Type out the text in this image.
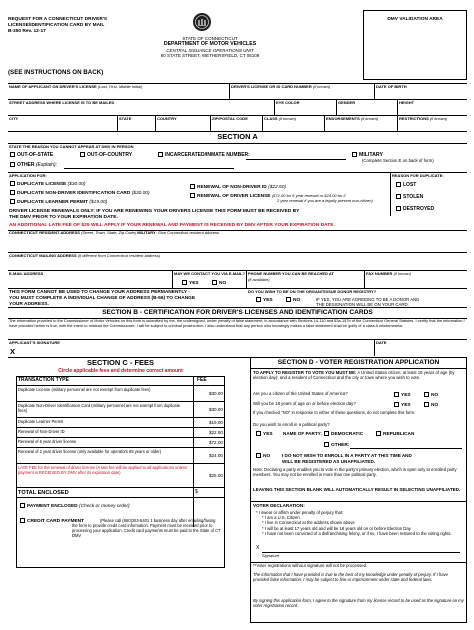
REQUEST FOR A CONNECTICUT DRIVER'S
LICENSE/IDENTIFICATION CARD BY MAIL
B-350 Rev. 12-17
STATE OF CONNECTICUT
DEPARTMENT OF MOTOR VEHICLES
CENTRAL ISSUANCE OPERATIONS UNIT
60 STATE STREET, WETHERSFIELD, CT 06109
DMV VALIDATION AREA
(SEE INSTRUCTIONS ON BACK)
NAME OF APPLICANT ON DRIVER'S LICENSE (Last, First, Middle Initial)	DRIVER'S LICENSE OR ID CARD NUMBER (if known)	DATE OF BIRTH
STREET ADDRESS WHERE LICENSE IS TO BE MAILED	EYE COLOR	GENDER	HEIGHT
CITY	STATE	COUNTRY	ZIP/POSTAL CODE	CLASS (if known)	ENDORSEMENTS (if known)	RESTRICTIONS (if known)
SECTION A
STATE THE REASON YOU CANNOT APPEAR AT DMV IN PERSON
OUT-OF-STATE	OUT-OF-COUNTRY	INCARCERATED/INMATE NUMBER:	MILITARY
(Complete Section E on back of form)
OTHER (Explain):
APPLICATION FOR:
DUPLICATE LICENSE ($30.00)
DUPLICATE NON-DRIVER IDENTIFICATION CARD ($30.00)
DUPLICATE LEARNER PERMIT ($19.00)
RENEWAL OF NON-DRIVER ID ($22.50)
RENEWAL OF DRIVER LICENSE ($72.00 for 6 year renewal or $24.00 for 2
2 year renewal if you are a legally present non-citizen)
REASON FOR DUPLICATE:
LOST
STOLEN
DESTROYED
DRIVER LICENSE RENEWALS ONLY: IF YOU ARE RENEWING YOUR DRIVERS LICENSE THIS FORM MUST BE RECEIVED BY
THE DMV PRIOR TO YOUR EXPIRATION DATE.
AN ADDITIONAL LATE FEE OF $25 WILL APPLY IF YOUR RENEWAL AND PAYMENT IS RECEIVED BY DMV AFTER YOUR EXPIRATION DATE.
CONNECTICUT RESIDENT ADDRESS (Street, Town, State, Zip Code) MILITARY: Give Connecticut resident address
CONNECTICUT MAILING ADDRESS (if different from Connecticut resident address)
E-MAIL ADDRESS	MAY WE CONTACT YOU VIA E-MAIL?
YES	NO
PHONE NUMBER YOU CAN BE REACHED AT
(if available)
FAX NUMBER (if known)
THIS FORM CANNOT BE USED TO CHANGE YOUR ADDRESS PERMANENTLY -
YOU MUST COMPLETE A INDIVIDUAL CHANGE OF ADDRESS (B-56) TO CHANGE
YOUR ADDRESS.
DO YOU WISH TO BE ON THE ORGAN/TISSUE DONOR REGISTRY?
YES	NO	IF YES, YOU ARE AGREEING TO BE A DONOR AND
THE DESIGNATION WILL BE ON YOUR CARD.
SECTION B - CERTIFICATION FOR DRIVER'S LICENSES AND IDENTIFICATION CARDS
The information provided to the Commissioner of Motor Vehicles on this form is submitted by me, the undersigned, under penalty of false statement, in accordance with Sections 14-110 and 53a-157b of the Connecticut General Statutes. I certify that the information I have provided herein is true, with the intent to mislead the Commissioner; I will be subject to criminal prosecution. I also understand that any person who knowingly makes a false statement shall be guilty of a class A misdemeanor.
APPLICANT'S SIGNATURE
X
DATE
SECTION C - FEES
Circle applicable fees and determine correct amount
TRANSACTION TYPE	FEE
Duplicate License (military personnel are not exempt from duplicate fees)
$30.00
Duplicate Non-Driver Identification Card (military personnel are not exempt from duplicate fees)	$30.00
Duplicate Learner Permit	$19.00
Renewal of Non-Driver ID	$22.50
Renewal of 6 year driver license	$72.00
Renewal of 2 year driver license (only available for operators 65 years or older)
$24.00
LATE FEE for the renewal of driver license (A late fee will be applied to all applications unless payment is RECEIVED BY DMV after its expiration date)
$25.00
TOTAL ENCLOSED	$
PAYMENT ENCLOSED (Check or money order)
CREDIT CARD PAYMENT	(Please call (860)263-5401 1 business day after emailing/faxing the form to provide credit card information. Payment must be received prior to processing your application. Credit card payments must be paid to the State of CT DMV
SECTION D - VOTER REGISTRATION APPLICATION
TO APPLY TO REGISTER TO VOTE YOU MUST BE: A United States citizen; at least 18 years of age (by election day); and a resident of Connecticut and the city or town where you wish to vote.
Are you a citizen of the United States of America?	YES	NO
Will you be 18 years of age on or before election day?	YES	NO
If you checked "NO" in response to either of these questions, do not complete this form.
Do you wish to enroll in a political party?
YES NAME OF PARTY:	DEMOCRATIC	REPUBLICAN
OTHER:
NO	I DO NOT WISH TO ENROLL IN A PARTY AT THIS TIME AND
WILL BE REGISTERED AS UNAFFILIATED.
Note: Declaring a party enables you to vote in the party's primary election, which is open only to enrolled party members. You may not be enrolled in more than one political party.
LEAVING THIS SECTION BLANK WILL AUTOMATICALLY RESULT IN SELECTING UNAFFILIATED.
VOTER DECLARATION:
* I swear or affirm under penalty of perjury that:
* I am a U.S. Citizen
* I live in Connecticut at the address shown above
* I will be at least 17 years old and will be 18 years old on or before Election Day.
* I have not been convicted of a disfranchising felony, or if so, I have been restored to the voting rights.
X
Signature
**Voter registrations without signature will not be processed.
The information that I have provided is true to the best of my knowledge under penalty of perjury. If I have provided false information, I may be subject to fine or imprisonment under state and federal laws.
By signing this application form, I agree to the signature from my license record to be used as the signature on my voter registration record.
